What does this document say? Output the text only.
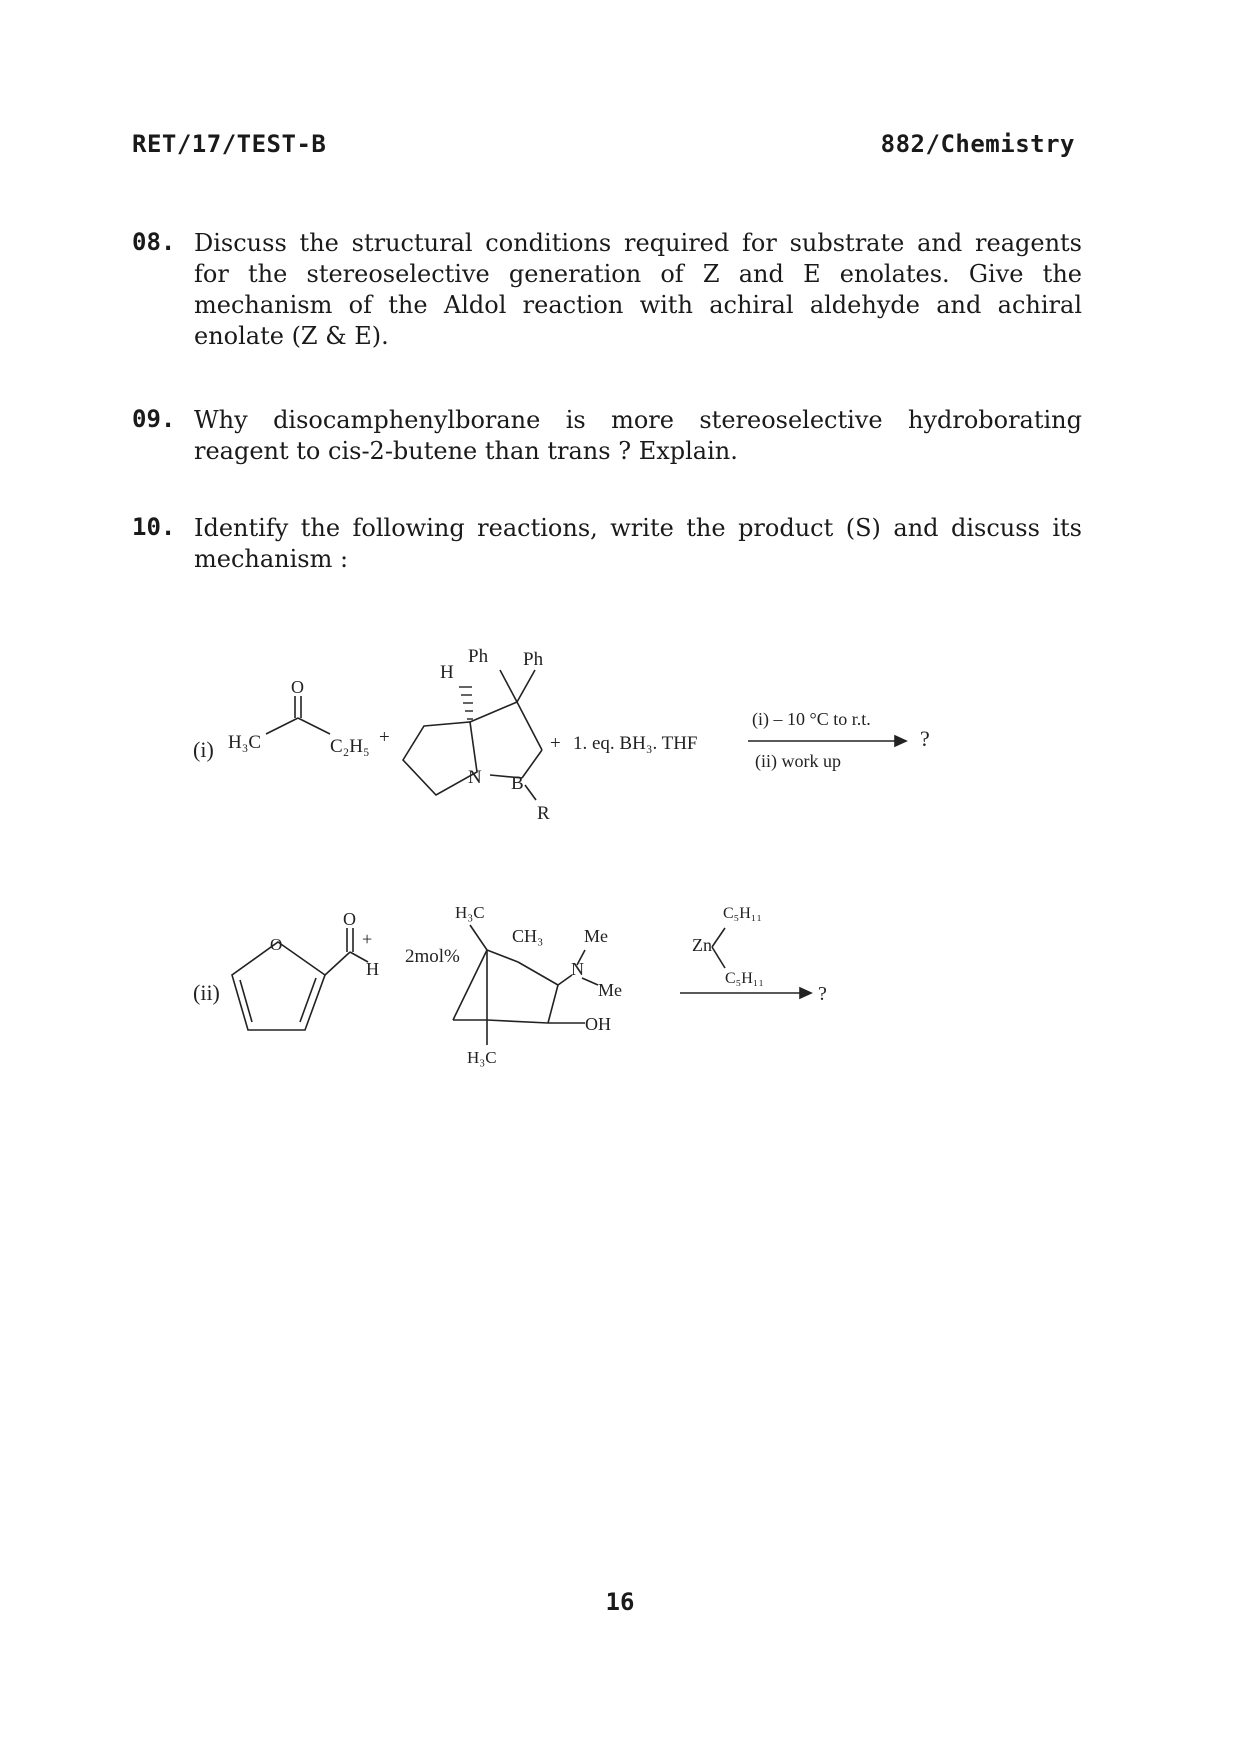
RET/17/TEST-B	882/Chemistry
08. Discuss the structural conditions required for substrate and reagents for the stereoselective generation of Z and E enolates. Give the mechanism of the Aldol reaction with achiral aldehyde and achiral enolate (Z & E).
09. Why disocamphenylborane is more stereoselective hydroborating reagent to cis-2-butene than trans ? Explain.
10. Identify the following reactions, write the product (S) and discuss its mechanism :
(i) H₃C
O
C₂H₅ +
H
Ph Ph
N B
R
+ 1. eq. BH₃. THF
(i) – 10 °C to r.t.
(ii) work up
?
(ii)
O
O
H
+
2mol%
H₃C
CH₃ Me
N
Me
OH
H₃C
Zn
C₅H₁₁
C₅H₁₁
?
16
